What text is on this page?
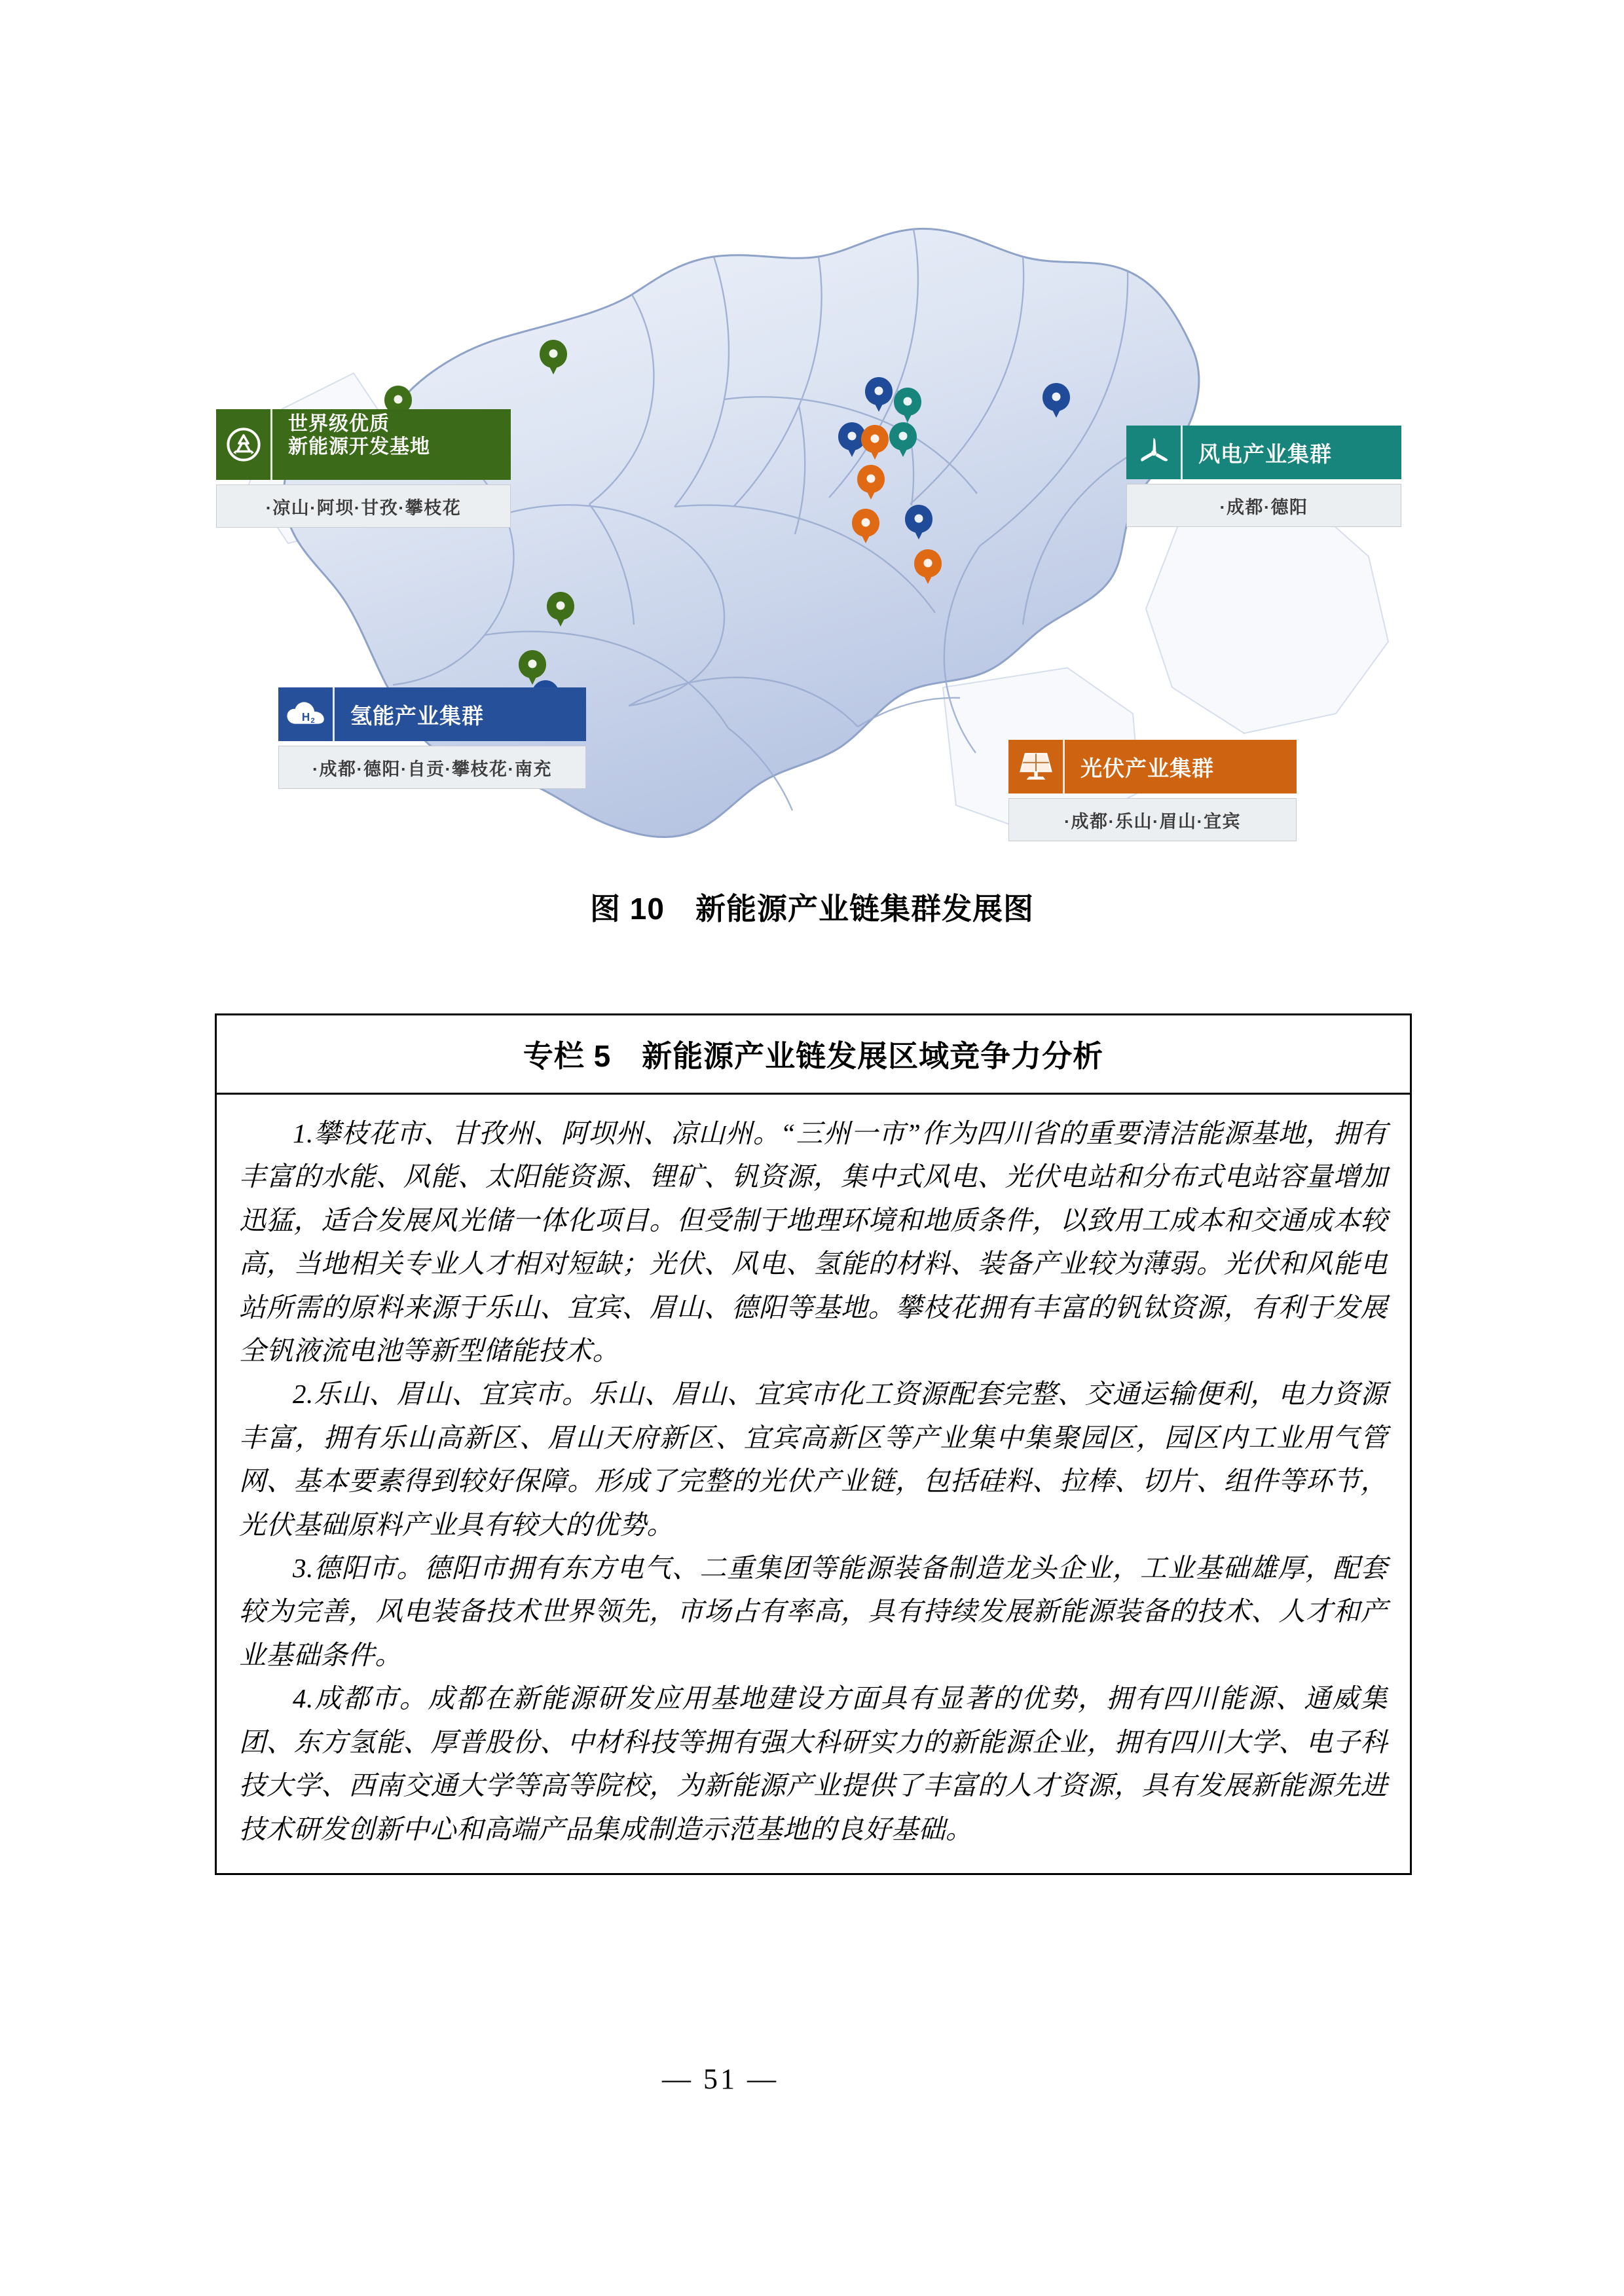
世界级优质
新能源开发基地
·凉山·阿坝·甘孜·攀枝花
风电产业集群
·成都·德阳
H 2	氢能产业集群
·成都·德阳·自贡·攀枝花·南充	光伏产业集群
·成都·乐山·眉山·宜宾
图 10　新能源产业链集群发展图
专栏 5　新能源产业链发展区域竞争力分析

1.攀枝花市、甘孜州、阿坝州、凉山州。“三州一市”作为四川省的重要清洁能源基地，拥有丰富的水能、风能、太阳能资源、锂矿、钒资源，集中式风电、光伏电站和分布式电站容量增加迅猛，适合发展风光储一体化项目。但受制于地理环境和地质条件，以致用工成本和交通成本较高，当地相关专业人才相对短缺；光伏、风电、氢能的材料、装备产业较为薄弱。光伏和风能电站所需的原料来源于乐山、宜宾、眉山、德阳等基地。攀枝花拥有丰富的钒钛资源，有利于发展全钒液流电池等新型储能技术。

2.乐山、眉山、宜宾市。乐山、眉山、宜宾市化工资源配套完整、交通运输便利，电力资源丰富，拥有乐山高新区、眉山天府新区、宜宾高新区等产业集中集聚园区，园区内工业用气管网、基本要素得到较好保障。形成了完整的光伏产业链，包括硅料、拉棒、切片、组件等环节，光伏基础原料产业具有较大的优势。

3.德阳市。德阳市拥有东方电气、二重集团等能源装备制造龙头企业，工业基础雄厚，配套较为完善，风电装备技术世界领先，市场占有率高，具有持续发展新能源装备的技术、人才和产业基础条件。

4.成都市。成都在新能源研发应用基地建设方面具有显著的优势，拥有四川能源、通威集团、东方氢能、厚普股份、中材科技等拥有强大科研实力的新能源企业，拥有四川大学、电子科技大学、西南交通大学等高等院校，为新能源产业提供了丰富的人才资源，具有发展新能源先进技术研发创新中心和高端产品集成制造示范基地的良好基础。

— 51 —
